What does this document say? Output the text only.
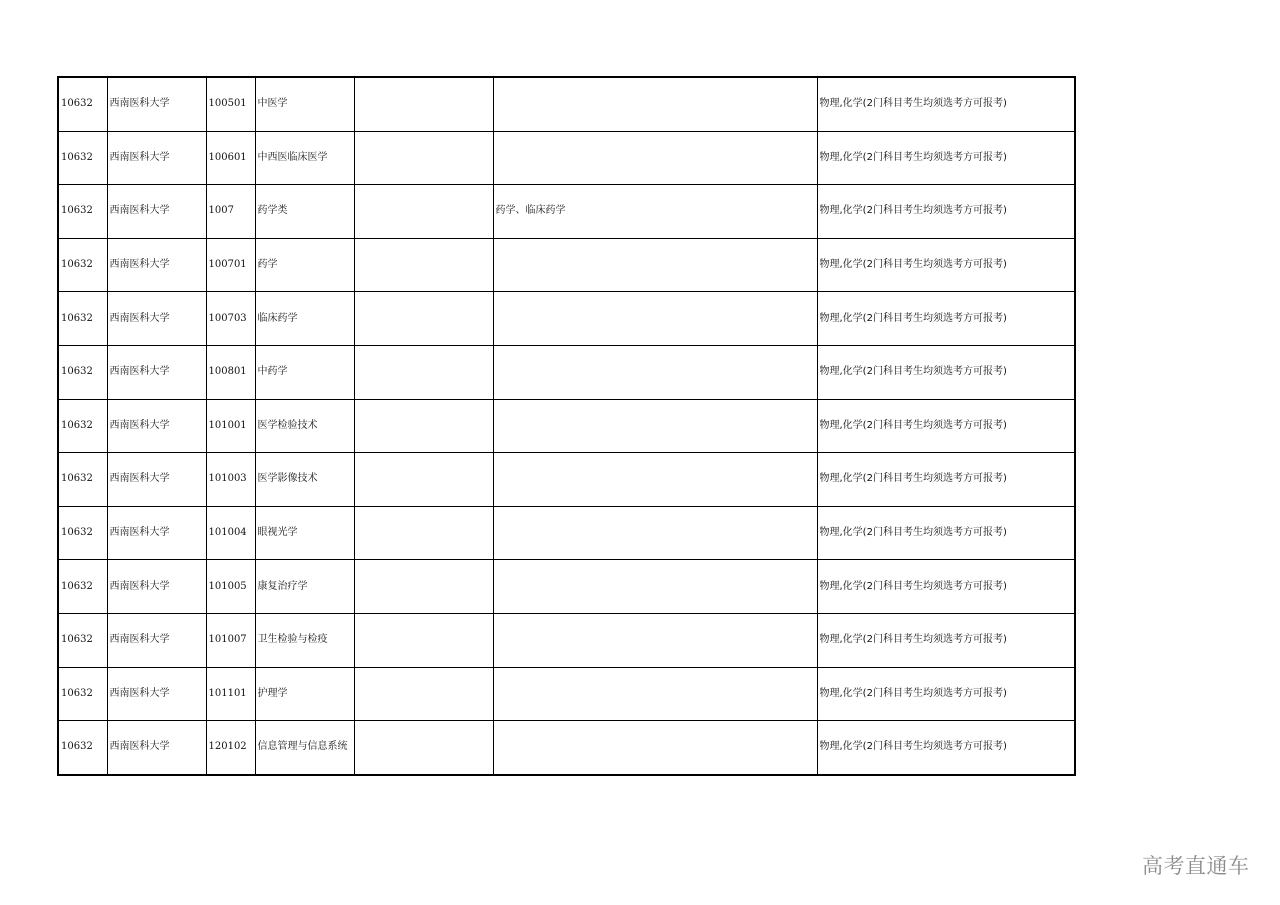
10632	西南医科大学	100501	中医学			物理,化学(2门科目考生均须选考方可报考)
10632	西南医科大学	100601	中西医临床医学			物理,化学(2门科目考生均须选考方可报考)
10632	西南医科大学	1007	药学类		药学、临床药学	物理,化学(2门科目考生均须选考方可报考)
10632	西南医科大学	100701	药学			物理,化学(2门科目考生均须选考方可报考)
10632	西南医科大学	100703	临床药学			物理,化学(2门科目考生均须选考方可报考)
10632	西南医科大学	100801	中药学			物理,化学(2门科目考生均须选考方可报考)
10632	西南医科大学	101001	医学检验技术			物理,化学(2门科目考生均须选考方可报考)
10632	西南医科大学	101003	医学影像技术			物理,化学(2门科目考生均须选考方可报考)
10632	西南医科大学	101004	眼视光学			物理,化学(2门科目考生均须选考方可报考)
10632	西南医科大学	101005	康复治疗学			物理,化学(2门科目考生均须选考方可报考)
10632	西南医科大学	101007	卫生检验与检疫			物理,化学(2门科目考生均须选考方可报考)
10632	西南医科大学	101101	护理学			物理,化学(2门科目考生均须选考方可报考)
10632	西南医科大学	120102	信息管理与信息系统			物理,化学(2门科目考生均须选考方可报考)
高考直通车
